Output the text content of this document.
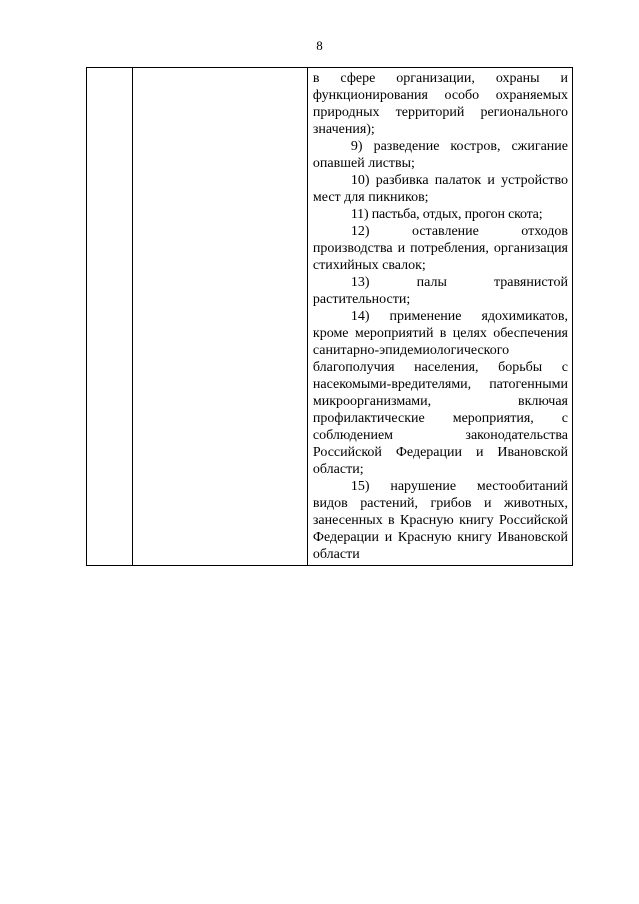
8

в сфере организации, охраны и функционирования особо охраняемых природных территорий регионального значения);

9) разведение костров, сжигание опавшей листвы;

10) разбивка палаток и устройство мест для пикников;

11) пастьба, отдых, прогон скота;

12) оставление отходов производства и потребления, организация стихийных свалок;

13) палы травянистой растительности;

14) применение ядохимикатов, кроме мероприятий в целях обеспечения санитарно-эпидемиологического благополучия населения, борьбы с насекомыми-вредителями, патогенными микроорганизмами, включая профилактические мероприятия, с соблюдением законодательства Российской Федерации и Ивановской области;

15) нарушение местообитаний видов растений, грибов и животных, занесенных в Красную книгу Российской Федерации и Красную книгу Ивановской области
